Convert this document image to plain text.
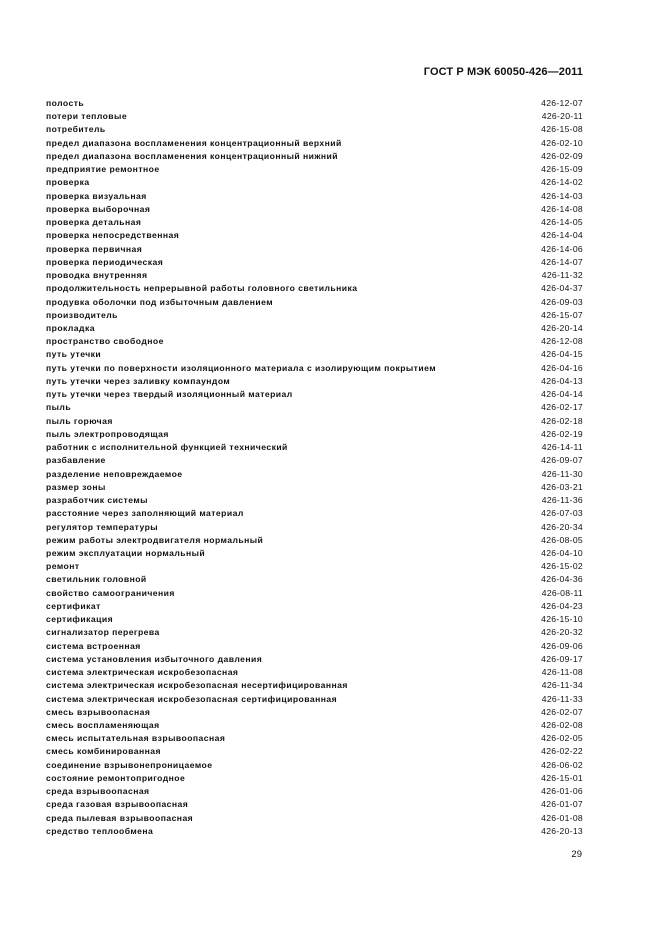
ГОСТ Р МЭК 60050-426—2011
полость	426-12-07
потери тепловые	426-20-11
потребитель	426-15-08
предел диапазона воспламенения концентрационный верхний	426-02-10
предел диапазона воспламенения концентрационный нижний	426-02-09
предприятие ремонтное	426-15-09
проверка	426-14-02
проверка визуальная	426-14-03
проверка выборочная	426-14-08
проверка детальная	426-14-05
проверка непосредственная	426-14-04
проверка первичная	426-14-06
проверка периодическая	426-14-07
проводка внутренняя	426-11-32
продолжительность непрерывной работы головного светильника	426-04-37
продувка оболочки под избыточным давлением	426-09-03
производитель	426-15-07
прокладка	426-20-14
пространство свободное	426-12-08
путь утечки	426-04-15
путь утечки по поверхности изоляционного материала с изолирующим покрытием	426-04-16
путь утечки через заливку компаундом	426-04-13
путь утечки через твердый изоляционный материал	426-04-14
пыль	426-02-17
пыль горючая	426-02-18
пыль электропроводящая	426-02-19
работник с исполнительной функцией технический	426-14-11
разбавление	426-09-07
разделение неповреждаемое	426-11-30
размер зоны	426-03-21
разработчик системы	426-11-36
расстояние через заполняющий материал	426-07-03
регулятор температуры	426-20-34
режим работы электродвигателя нормальный	426-08-05
режим эксплуатации нормальный	426-04-10
ремонт	426-15-02
светильник головной	426-04-36
свойство самоограничения	426-08-11
сертификат	426-04-23
сертификация	426-15-10
сигнализатор перегрева	426-20-32
система встроенная	426-09-06
система установления избыточного давления	426-09-17
система электрическая искробезопасная	426-11-08
система электрическая искробезопасная несертифицированная	426-11-34
система электрическая искробезопасная сертифицированная	426-11-33
смесь взрывоопасная	426-02-07
смесь воспламеняющая	426-02-08
смесь испытательная взрывоопасная	426-02-05
смесь комбинированная	426-02-22
соединение взрывонепроницаемое	426-06-02
состояние ремонтопригодное	426-15-01
среда взрывоопасная	426-01-06
среда газовая взрывоопасная	426-01-07
среда пылевая взрывоопасная	426-01-08
средство теплообмена	426-20-13
29
